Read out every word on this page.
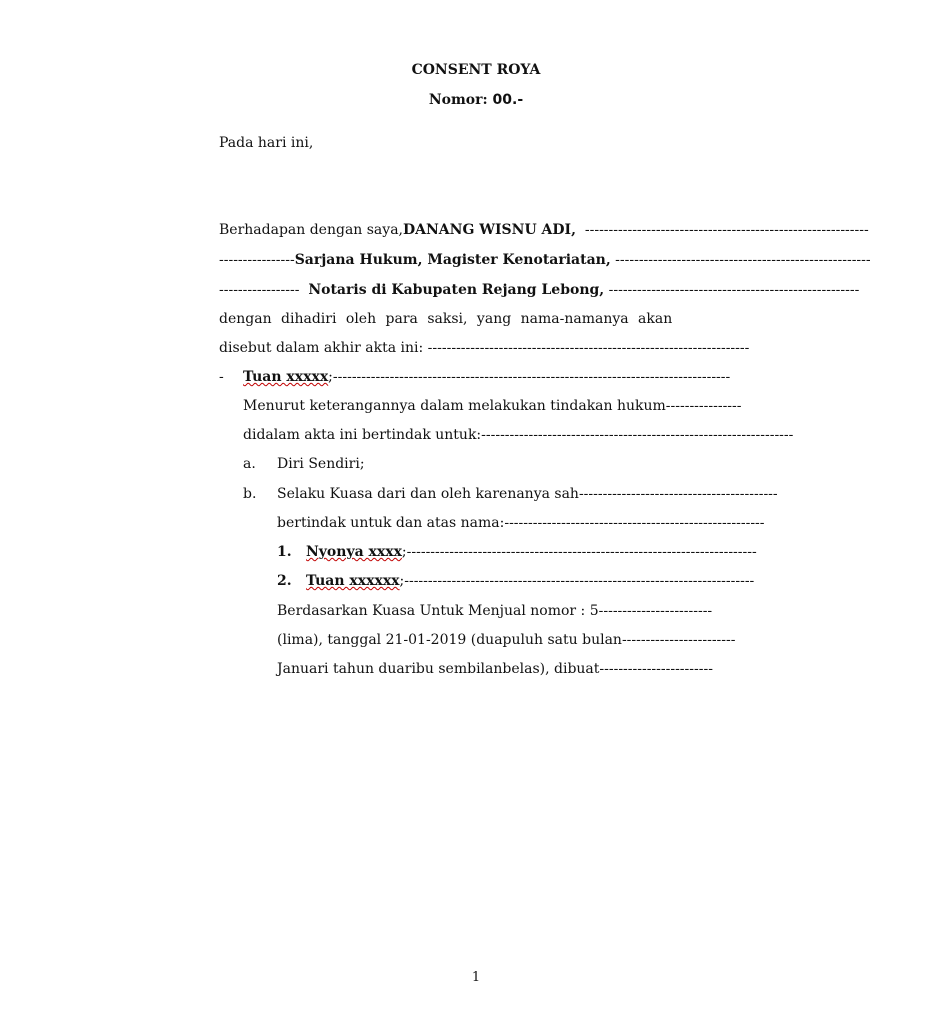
CONSENT ROYA
Nomor: 00.-
Pada hari ini,
Berhadapan dengan saya, DANANG WISNU ADI, ------------------------------------------------------------
---------------- Sarjana Hukum, Magister Kenotariatan, ------------------------------------------------------
----------------- Notaris di Kabupaten Rejang Lebong, -----------------------------------------------------
dengan dihadiri oleh para saksi, yang nama-namanya akan
disebut dalam akhir akta ini: --------------------------------------------------------------------
-	Tuan xxxxx ; ------------------------------------------------------------------------------------
Menurut keterangannya dalam melakukan tindakan hukum ----------------
didalam akta ini bertindak untuk: ------------------------------------------------------------------
a. Diri Sendiri;
b. Selaku Kuasa dari dan oleh karenanya sah ------------------------------------------
bertindak untuk dan atas nama: -------------------------------------------------------
1. Nyonya xxxx ; --------------------------------------------------------------------------
2. Tuan xxxxxx ; --------------------------------------------------------------------------
Berdasarkan Kuasa Untuk Menjual nomor : 5 ------------------------
(lima), tanggal 21-01-2019 (duapuluh satu bulan ------------------------
Januari tahun duaribu sembilanbelas), dibuat ------------------------
1
